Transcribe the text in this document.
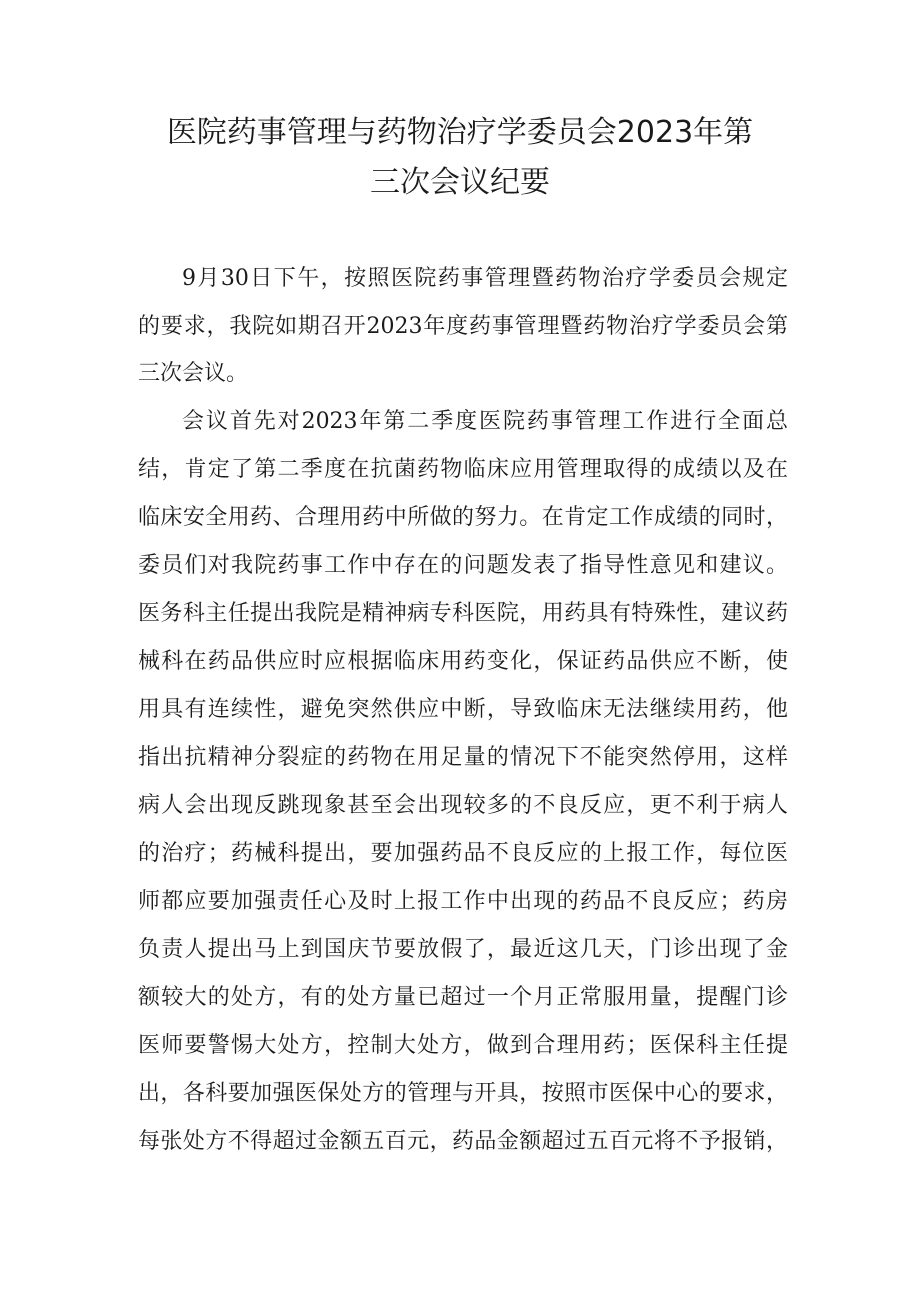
医院药事管理与药物治疗学委员会2023年第
三次会议纪要
9月30日下午，按照医院药事管理暨药物治疗学委员会规定
的要求，我院如期召开2023年度药事管理暨药物治疗学委员会第
三次会议。
会议首先对2023年第二季度医院药事管理工作进行全面总
结，肯定了第二季度在抗菌药物临床应用管理取得的成绩以及在
临床安全用药、合理用药中所做的努力。在肯定工作成绩的同时，
委员们对我院药事工作中存在的问题发表了指导性意见和建议。
医务科主任提出我院是精神病专科医院，用药具有特殊性，建议药
械科在药品供应时应根据临床用药变化，保证药品供应不断，使
用具有连续性，避免突然供应中断，导致临床无法继续用药，他
指出抗精神分裂症的药物在用足量的情况下不能突然停用，这样
病人会出现反跳现象甚至会出现较多的不良反应，更不利于病人
的治疗；药械科提出，要加强药品不良反应的上报工作，每位医
师都应要加强责任心及时上报工作中出现的药品不良反应；药房
负责人提出马上到国庆节要放假了，最近这几天，门诊出现了金
额较大的处方，有的处方量已超过一个月正常服用量，提醒门诊
医师要警惕大处方，控制大处方，做到合理用药；医保科主任提
出，各科要加强医保处方的管理与开具，按照市医保中心的要求，
每张处方不得超过金额五百元，药品金额超过五百元将不予报销，
